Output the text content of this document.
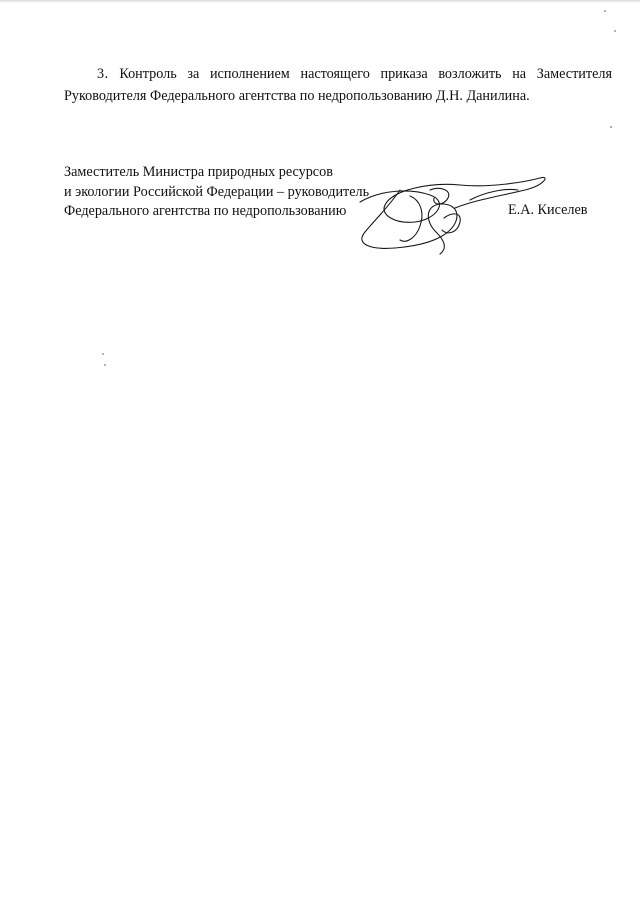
3. Контроль за исполнением настоящего приказа возложить на Заместителя Руководителя Федерального агентства по недропользованию Д.Н. Данилина.
Заместитель Министра природных ресурсов
и экологии Российской Федерации – руководитель
Федерального агентства по недропользованию	Е.А. Киселев
